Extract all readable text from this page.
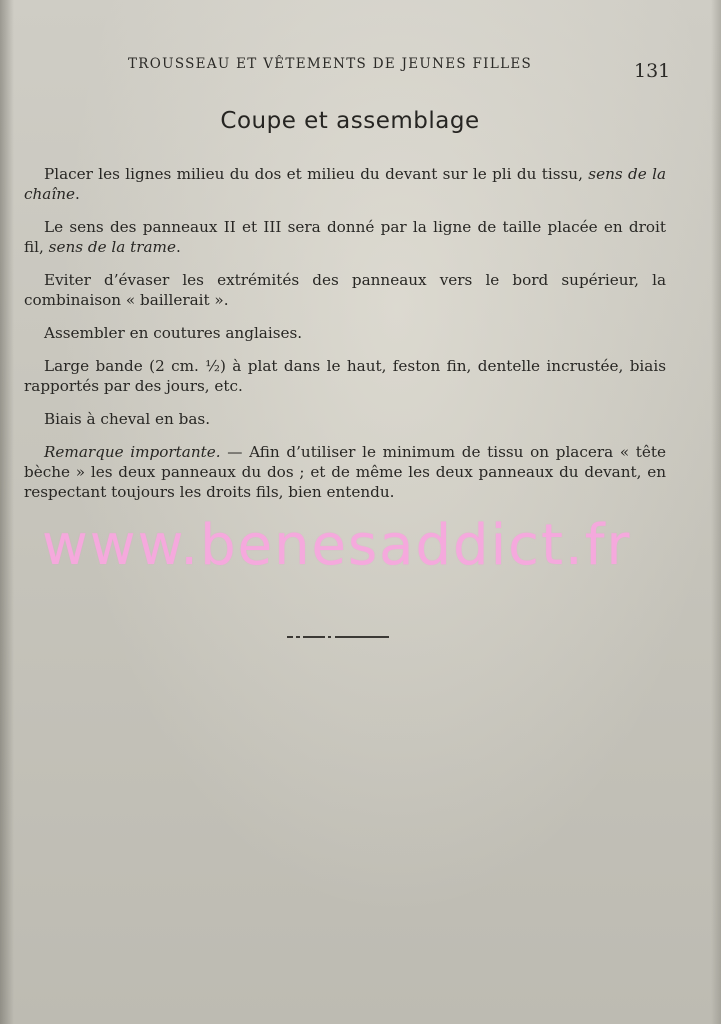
TROUSSEAU ET VÊTEMENTS DE JEUNES FILLES	131
Coupe et assemblage

Placer les lignes milieu du dos et milieu du devant sur le pli du tissu, sens de la chaîne.

Le sens des panneaux II et III sera donné par la ligne de taille placée en droit fil, sens de la trame.

Eviter d’évaser les extrémités des panneaux vers le bord supérieur, la combinaison « baillerait ».

Assembler en coutures anglaises.

Large bande (2 cm. ½) à plat dans le haut, feston fin, dentelle incrustée, biais rapportés par des jours, etc.

Biais à cheval en bas.

Remarque importante. — Afin d’utiliser le minimum de tissu on placera « tête bèche » les deux panneaux du dos ; et de même les deux panneaux du devant, en respectant toujours les droits fils, bien entendu.

www.benesaddict.fr
